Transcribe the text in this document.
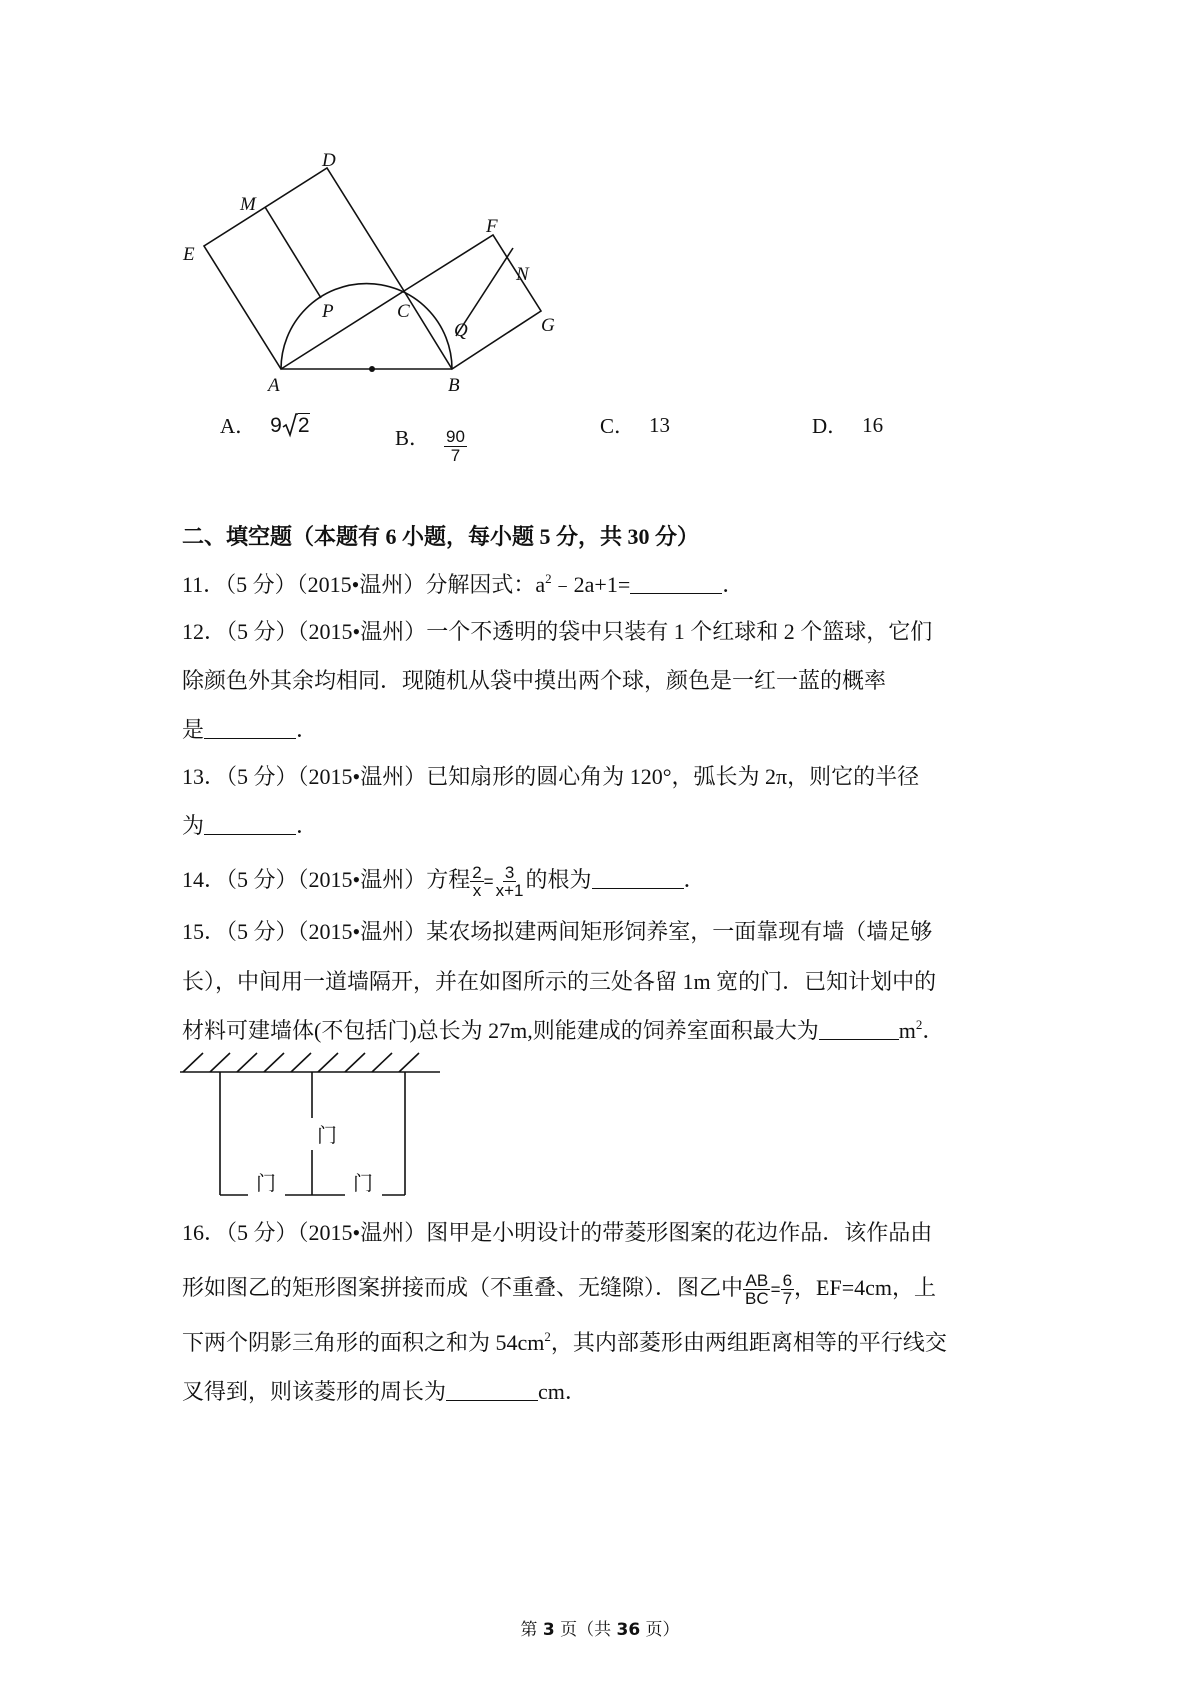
D
M
E
F
N
P	C
Q	G
A	B
A． 9 2
B． $\frac{90}{7}$
C． 13	D． 16
二、填空题（本题有 6 小题，每小题 5 分，共 30 分）
11．（5 分）（2015•温州）分解因式：$a^2﹣2a+1=$	．
12．（5 分）（2015•温州）一个不透明的袋中只装有 1 个红球和 2 个篮球，它们
除颜色外其余均相同．现随机从袋中摸出两个球，颜色是一红一蓝的概率
是	．
13．（5 分）（2015•温州）已知扇形的圆心角为 120°，弧长为 2π，则它的半径
为	．
14．（5 分）（2015•温州）方程 $\frac{2}{x} = \frac{3}{x+1}$ 的根为	．
15．（5 分）（2015•温州）某农场拟建两间矩形饲养室，一面靠现有墙（墙足够
长），中间用一道墙隔开，并在如图所示的三处各留 1m 宽的门．已知计划中的
材料可建墙体(不包括门)总长为 27m,则能建成的饲养室面积最大为	$m^2$．
门
门	门
16．（5 分）（2015•温州）图甲是小明设计的带菱形图案的花边作品．该作品由
形如图乙的矩形图案拼接而成（不重叠、无缝隙）．图乙中 $\frac{AB}{BC} = \frac{6}{7}$ ，EF=4cm，上
下两个阴影三角形的面积之和为 $54cm^2$，其内部菱形由两组距离相等的平行线交
叉得到，则该菱形的周长为	cm．
第 3 页（共 36 页）
